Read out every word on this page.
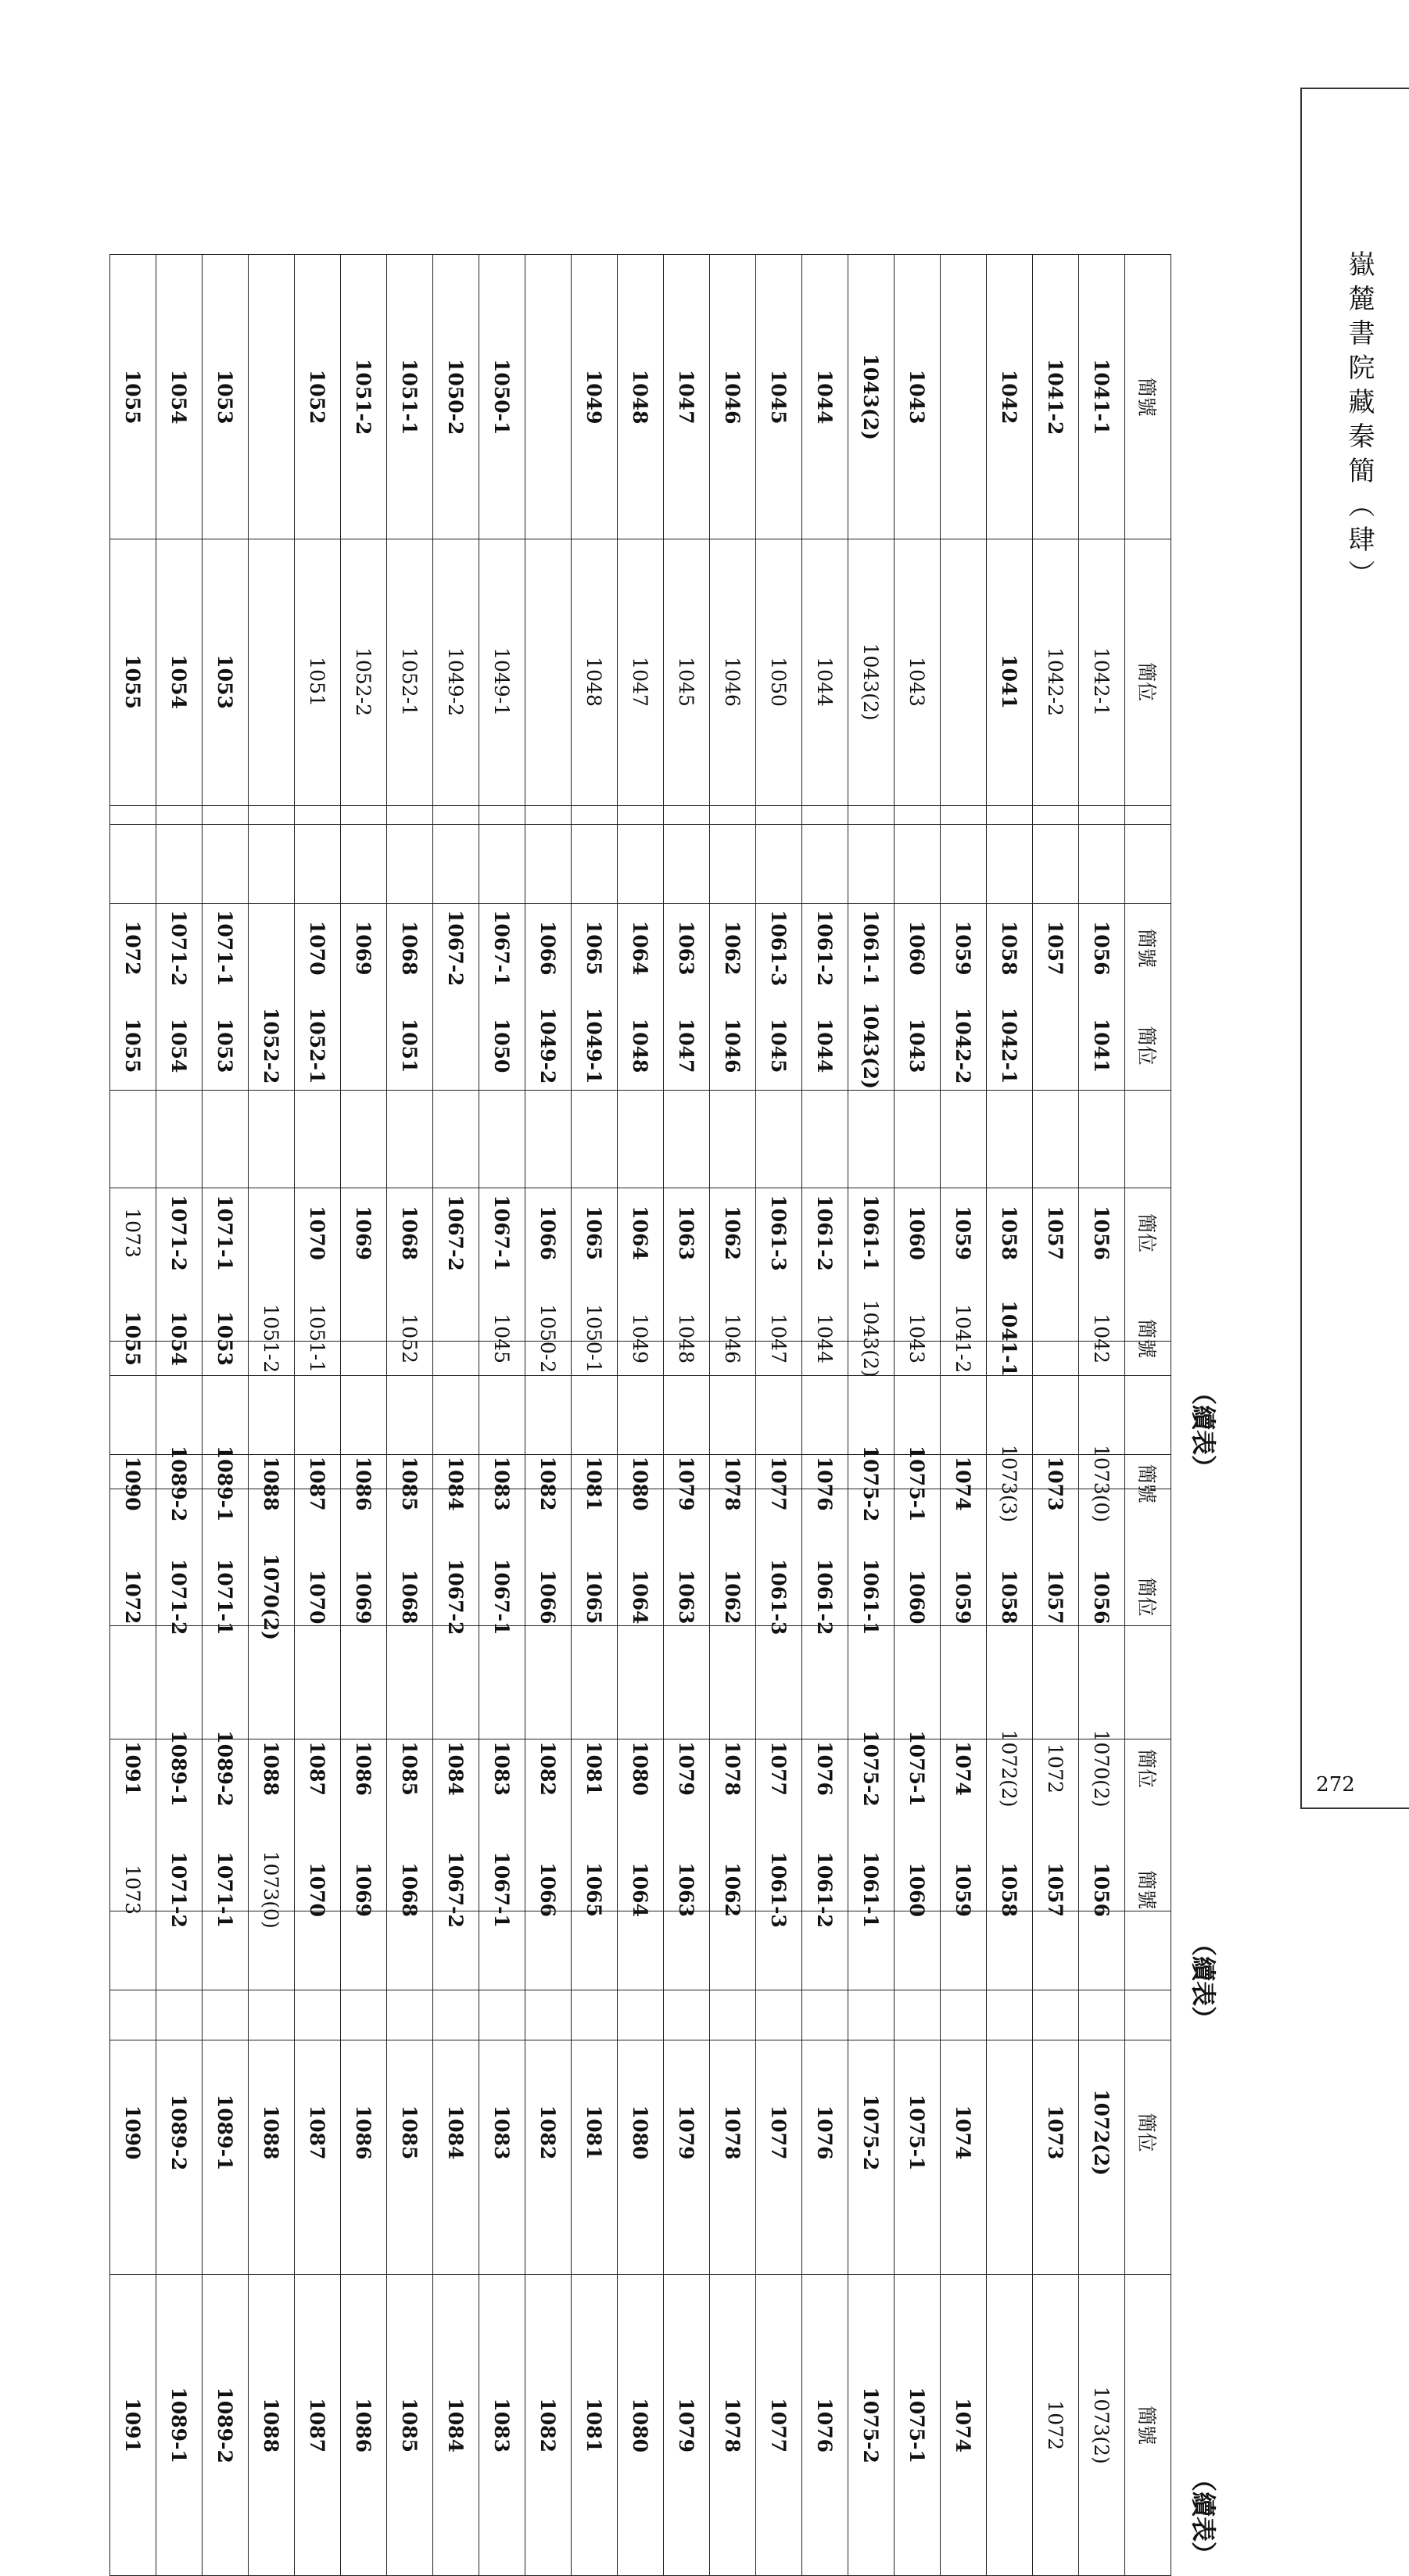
嶽麓書院藏秦簡（肆）
272
（續表）
簡號	簡位		簡位	簡號
1041-1	1042-1		1041	1042
1041-2	1042-2			
1042	1041		1042-1	1041-1
			1042-2	1041-2
1043	1043		1043	1043
1043(2)	1043(2)		1043(2)	1043(2)
1044	1044		1044	1044
1045	1050		1045	1047
1046	1046		1046	1046
1047	1045		1047	1048
1048	1047		1048	1049
1049	1048		1049-1	1050-1
			1049-2	1050-2
1050-1	1049-1		1050	1045
1050-2	1049-2			
1051-1	1052-1		1051	1052
1051-2	1052-2			
1052	1051		1052-1	1051-1
			1052-2	1051-2
1053	1053		1053	1053
1054	1054		1054	1054
1055	1055		1055	1055
（續表）
簡號	簡位		簡位	簡號
1056	1056		1056	1056
1057	1057		1057	1057
1058	1058		1058	1058
1059	1059		1059	1059
1060	1060		1060	1060
1061-1	1061-1		1061-1	1061-1
1061-2	1061-2		1061-2	1061-2
1061-3	1061-3		1061-3	1061-3
1062	1062		1062	1062
1063	1063		1063	1063
1064	1064		1064	1064
1065	1065		1065	1065
1066	1066		1066	1066
1067-1	1067-1		1067-1	1067-1
1067-2	1067-2		1067-2	1067-2
1068	1068		1068	1068
1069	1069		1069	1069
1070	1070		1070	1070
			1070(2)	1073(0)
1071-1	1071-1		1071-1	1071-1
1071-2	1071-2		1071-2	1071-2
1072	1073		1072	1073
（續表）
簡號	簡位		簡位	簡號
1073(0)	1070(2)		1072(2)	1073(2)
1073	1072		1073	1072
1073(3)	1072(2)			
1074	1074		1074	1074
1075-1	1075-1		1075-1	1075-1
1075-2	1075-2		1075-2	1075-2
1076	1076		1076	1076
1077	1077		1077	1077
1078	1078		1078	1078
1079	1079		1079	1079
1080	1080		1080	1080
1081	1081		1081	1081
1082	1082		1082	1082
1083	1083		1083	1083
1084	1084		1084	1084
1085	1085		1085	1085
1086	1086		1086	1086
1087	1087		1087	1087
1088	1088		1088	1088
1089-1	1089-2		1089-1	1089-2
1089-2	1089-1		1089-2	1089-1
1090	1091		1090	1091
